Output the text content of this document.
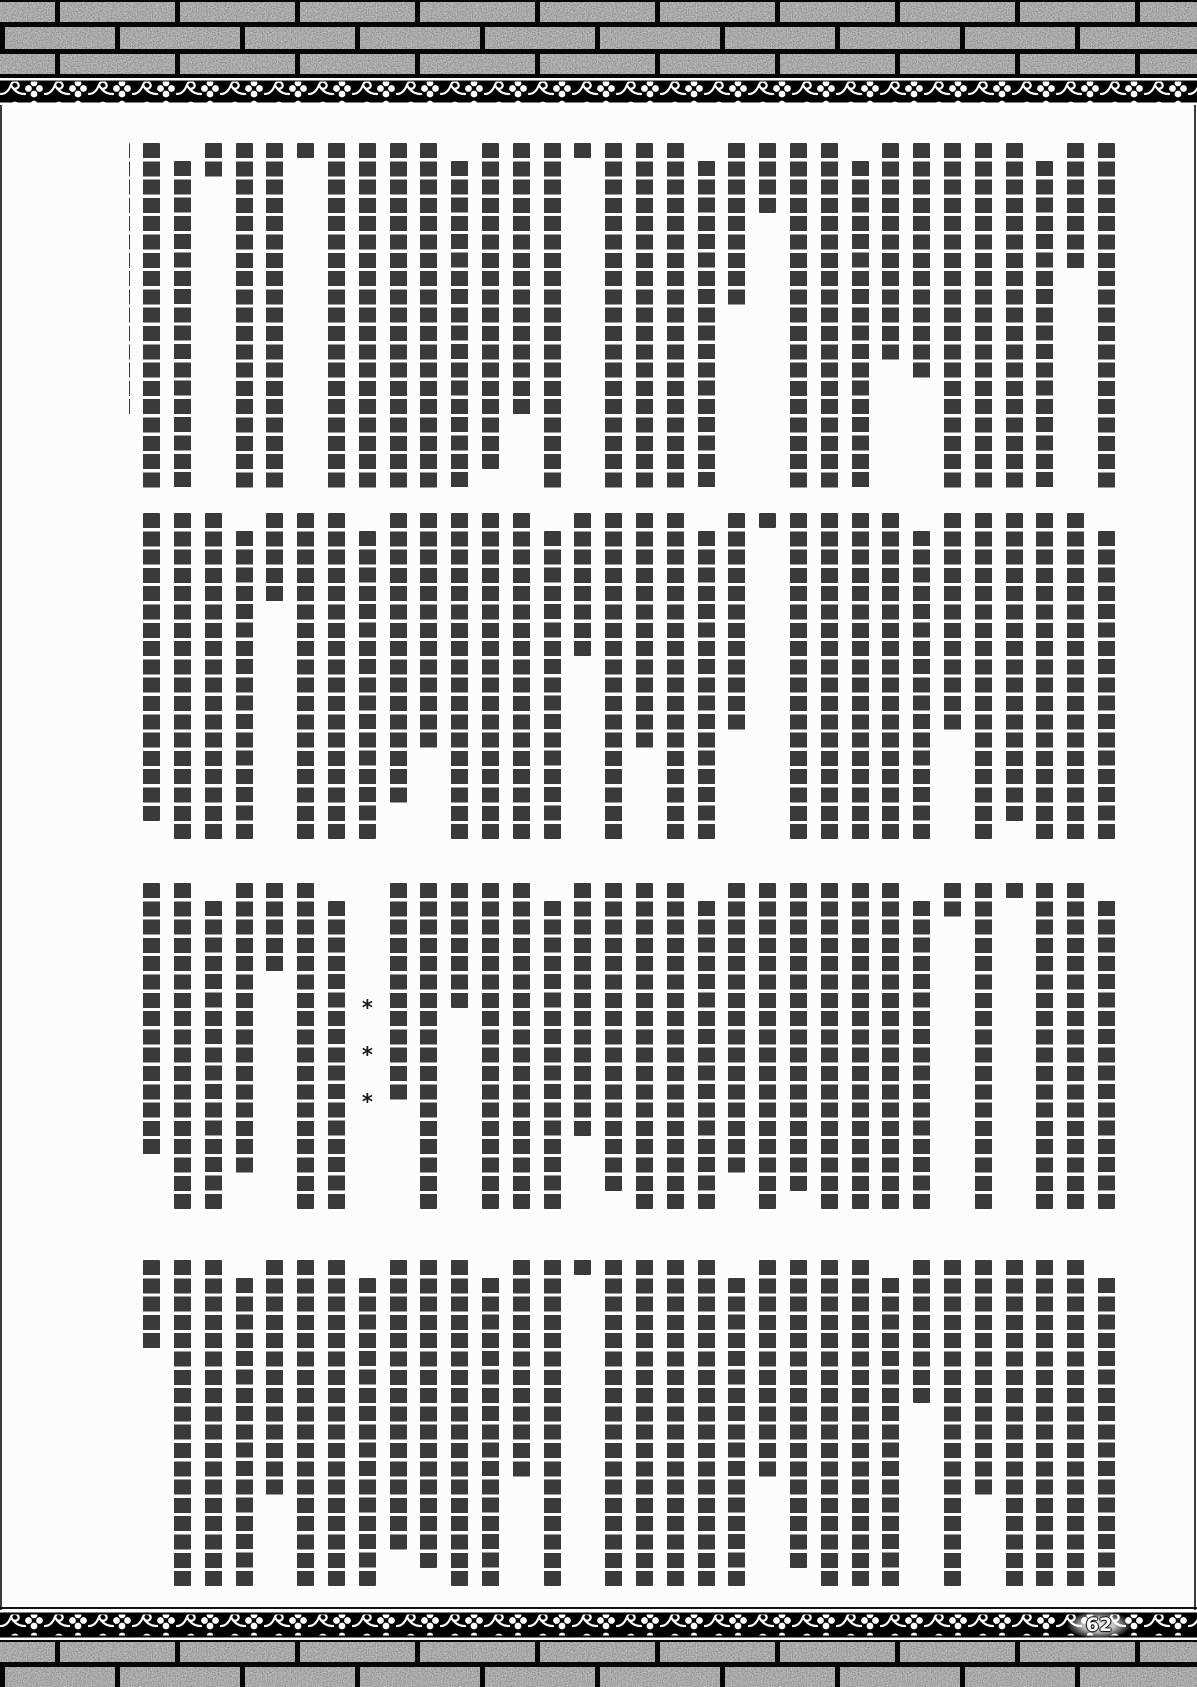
*
*
*
62
